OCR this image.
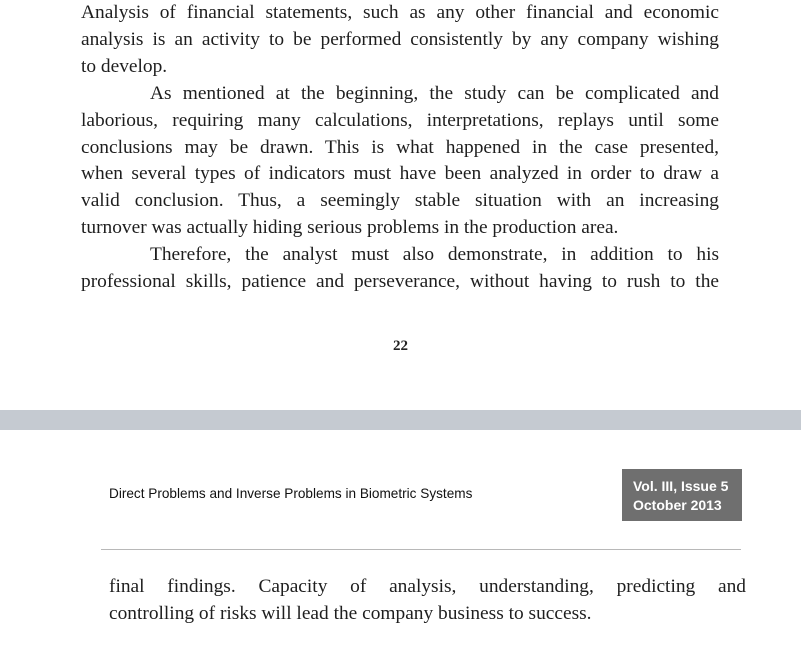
Analysis of financial statements, such as any other financial and economic
analysis is an activity to be performed consistently by any company wishing
to develop.

As mentioned at the beginning, the study can be complicated and
laborious, requiring many calculations, interpretations, replays until some
conclusions may be drawn. This is what happened in the case presented,
when several types of indicators must have been analyzed in order to draw a
valid conclusion. Thus, a seemingly stable situation with an increasing
turnover was actually hiding serious problems in the production area.

Therefore, the analyst must also demonstrate, in addition to his
professional skills, patience and perseverance, without having to rush to the

22
Direct Problems and Inverse Problems in Biometric Systems	Vol. III, Issue 5
October 2013

final findings. Capacity of analysis, understanding, predicting and
controlling of risks will lead the company business to success.
